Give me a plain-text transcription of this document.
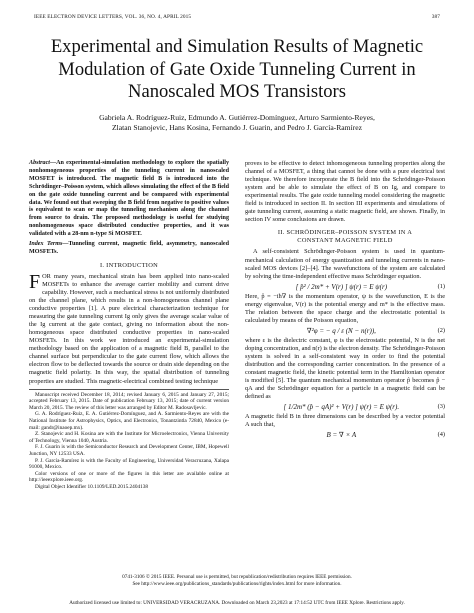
IEEE ELECTRON DEVICE LETTERS, VOL. 36, NO. 4, APRIL 2015	387
Experimental and Simulation Results of Magnetic Modulation of Gate Oxide Tunneling Current in Nanoscaled MOS Transistors
Gabriela A. Rodríguez-Ruiz, Edmundo A. Gutiérrez-Domínguez, Arturo Sarmiento-Reyes,
Zlatan Stanojevic, Hans Kosina, Fernando J. Guarin, and Pedro J. García-Ramírez
Abstract—An experimental-simulation methodology to explore the spatially nonhomogeneous properties of the tunneling current in nanoscaled MOSFET is introduced. The magnetic field B is introduced into the Schrödinger–Poisson system, which allows simulating the effect of the B field on the gate oxide tunneling current and be compared with experimental data. We found out that sweeping the B field from negative to positive values is equivalent to scan or map the tunneling mechanism along the channel from source to drain. The proposed methodology is useful for studying nonhomogeneous space distributed conductive properties, and it was validated with a 28-nm n-type Si MOSFET.
Index Terms—Tunneling current, magnetic field, asymmetry, nanoscaled MOSFETs.
I. INTRODUCTION

FOR many years, mechanical strain has been applied into nano-scaled MOSFETs to enhance the average carrier mobility and current drive capability. However, such a mechanical stress is not uniformly distributed on the channel plane, which results in a non-homogeneous channel plane conductive properties [1]. A pure electrical characterization technique for measuring the gate tunneling current Ig only gives the average scalar value of the Ig current at the gate contact, giving no information about the non-homogeneous space distributed conductive properties in nano-scaled MOSFETs. In this work we introduced an experimental-simulation methodology based on the application of a magnetic field B, parallel to the channel surface but perpendicular to the gate current flow, which allows the electron flow to be deflected towards the source or drain side depending on the magnetic field polarity. In this way, the spatial distribution of tunneling properties are studied. This magnetic-electrical combined testing technique

Manuscript received December 18, 2014; revised January 6, 2015 and January 27, 2015; accepted February 13, 2015. Date of publication February 13, 2015; date of current version March 20, 2015. The review of this letter was arranged by Editor M. Radosavljevic.

G. A. Rodríguez-Ruiz, E. A. Gutiérrez-Domínguez, and A. Sarmiento-Reyes are with the National Institute for Astrophysics, Optics, and Electronics, Tonantzintla 72840, Mexico (e-mail: gandr@inaoep.mx).

Z. Stanojevic and H. Kosina are with the Institute for Microelectronics, Vienna University of Technology, Vienna 1040, Austria.

F. J. Guarin is with the Semiconductor Research and Development Center, IBM, Hopewell Junction, NY 12533 USA.

P. J. García-Ramírez is with the Faculty of Engineering, Universidad Veracruzana, Xalapa 91000, Mexico.

Color versions of one or more of the figures in this letter are available online at http://ieeexplore.ieee.org.

Digital Object Identifier 10.1109/LED.2015.2404138

proves to be effective to detect inhomogeneous tunneling properties along the channel of a MOSFET, a thing that cannot be done with a pure electrical test technique. We therefore incorporate the B field into the Schrödinger-Poisson system and be able to simulate the effect of B on Ig, and compare to experimental results. The gate oxide tunneling model considering the magnetic field is introduced in section II. In section III experiments and simulations of gate tunneling current, assuming a static magnetic field, are shown. Finally, in section IV some conclusions are drawn.

II. SCHRÖDINGER–POISSON SYSTEM IN A
CONSTANT MAGNETIC FIELD

A self-consistent Schrödinger-Poisson system is used in quantum-mechanical calculation of energy quantization and tunneling currents in nano-scaled MOS devices [2]–[4]. The wavefunctions of the system are calculated by solving the time-independent effective mass Schrödinger equation.

[ p̂² / 2m* + V(r) ] ψ(r) = E ψ(r)	(1)

Here, p̂ = −iħ∇ is the momentum operator, ψ is the wavefunction, E is the energy eigenvalue, V(r) is the potential energy and m* is the effective mass. The relation between the space charge and the electrostatic potential is calculated by means of the Poisson equation,

∇²φ = − q / ε (N − n(r)),	(2)

where ε is the dielectric constant, φ is the electrostatic potential, N is the net doping concentration, and n(r) is the electron density. The Schrödinger-Poisson system is solved in a self-consistent way in order to find the potential distribution and the corresponding carrier concentration. In the presence of a constant magnetic field, the kinetic potential term in the Hamiltonian operator is modified [5]. The quantum mechanical momentum operator p̂ becomes p̂ − qA and the Schrödinger equation for a particle in a magnetic field can be defined as

[ 1/2m* (p̂ − qA)² + V(r) ] ψ(r) = E ψ(r).	(3)

A magnetic field B in three dimensions can be described by a vector potential A such that,

B = ∇ × A	(4)
0741-3106 © 2015 IEEE. Personal use is permitted, but republication/redistribution requires IEEE permission.
See http://www.ieee.org/publications_standards/publications/rights/index.html for more information.
Authorized licensed use limited to: UNIVERSIDAD VERACRUZANA. Downloaded on March 23,2023 at 17:14:52 UTC from IEEE Xplore. Restrictions apply.
